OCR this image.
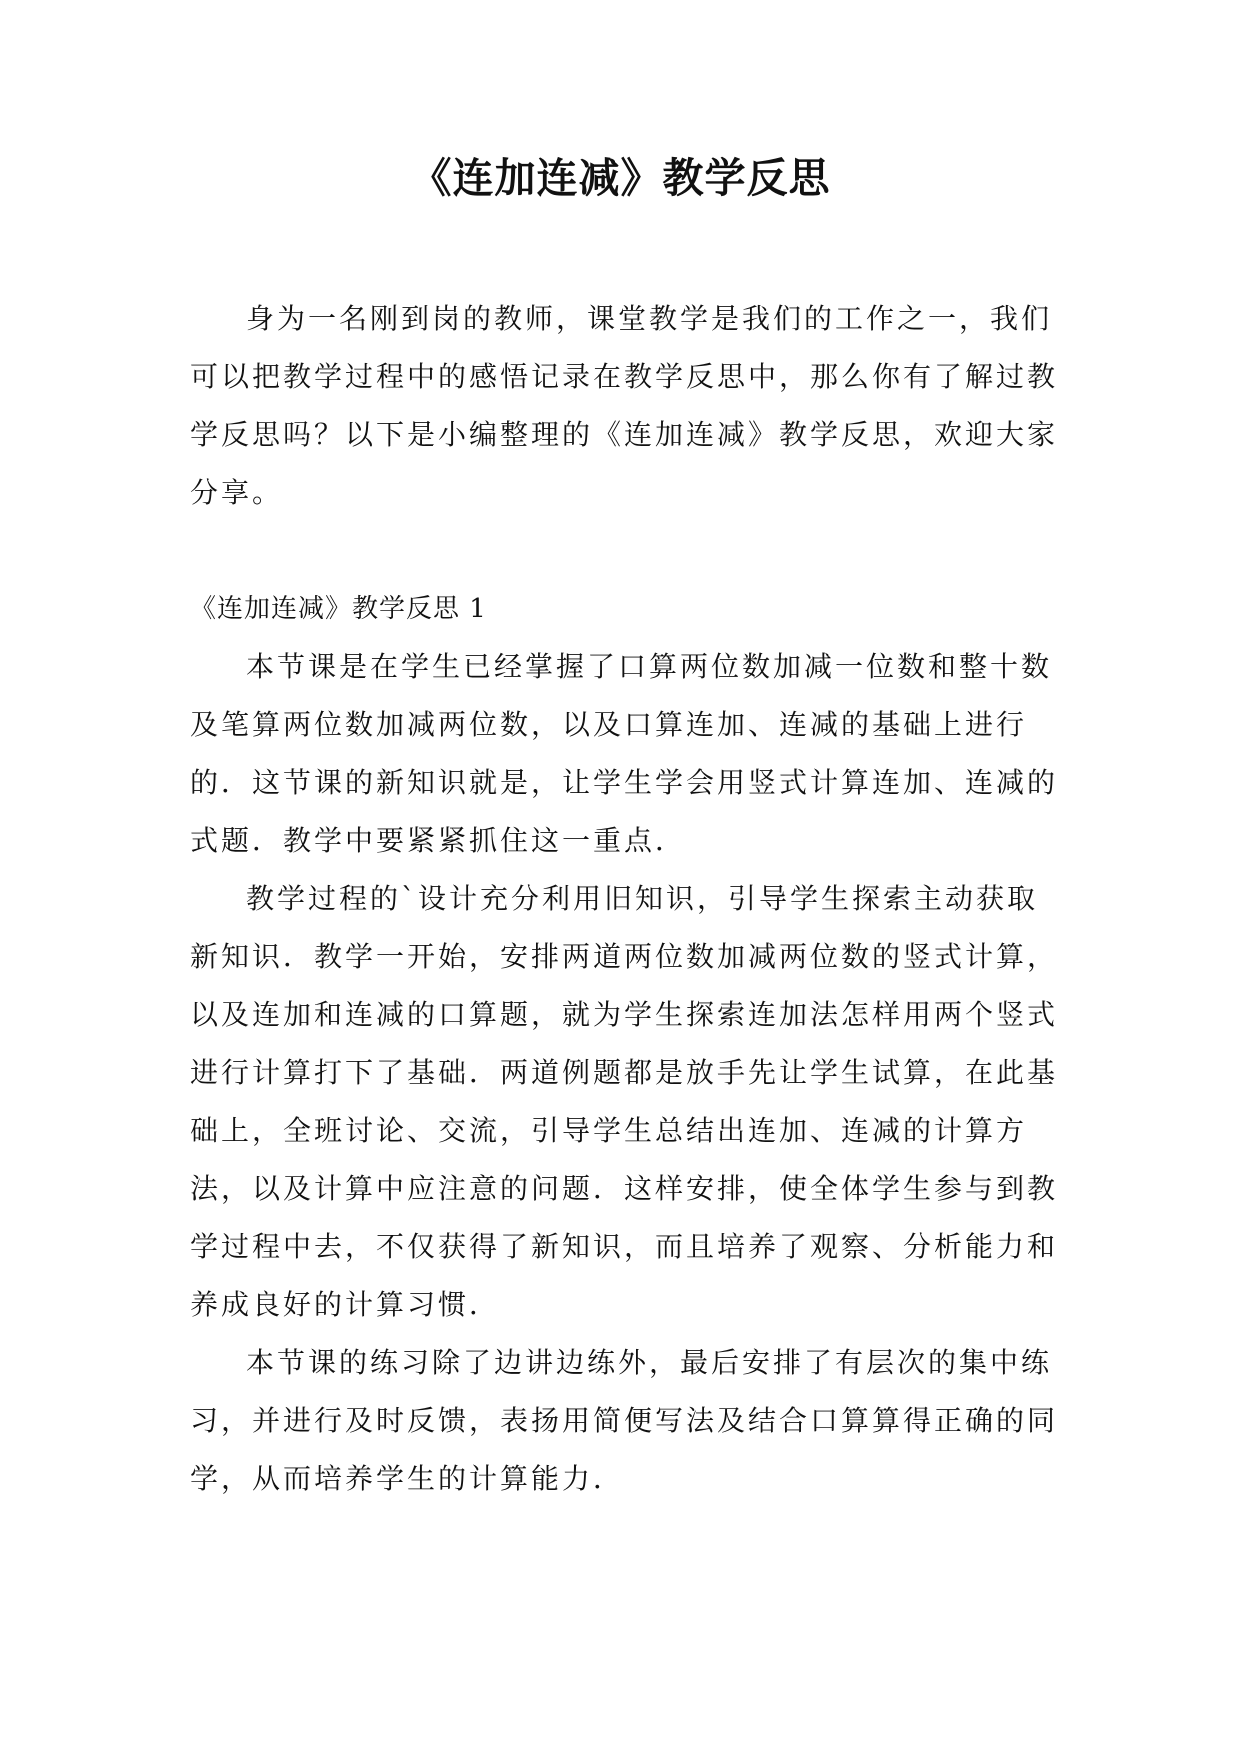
《连加连减》教学反思

身为一名刚到岗的教师，课堂教学是我们的工作之一，我们可以把教学过程中的感悟记录在教学反思中，那么你有了解过教学反思吗？以下是小编整理的《连加连减》教学反思，欢迎大家分享。

《连加连减》教学反思 1

本节课是在学生已经掌握了口算两位数加减一位数和整十数及笔算两位数加减两位数，以及口算连加、连减的基础上进行的．这节课的新知识就是，让学生学会用竖式计算连加、连减的式题．教学中要紧紧抓住这一重点．

教学过程的`设计充分利用旧知识，引导学生探索主动获取新知识．教学一开始，安排两道两位数加减两位数的竖式计算，以及连加和连减的口算题，就为学生探索连加法怎样用两个竖式进行计算打下了基础．两道例题都是放手先让学生试算，在此基础上，全班讨论、交流，引导学生总结出连加、连减的计算方法，以及计算中应注意的问题．这样安排，使全体学生参与到教学过程中去，不仅获得了新知识，而且培养了观察、分析能力和养成良好的计算习惯．

本节课的练习除了边讲边练外，最后安排了有层次的集中练习，并进行及时反馈，表扬用简便写法及结合口算算得正确的同学，从而培养学生的计算能力．
